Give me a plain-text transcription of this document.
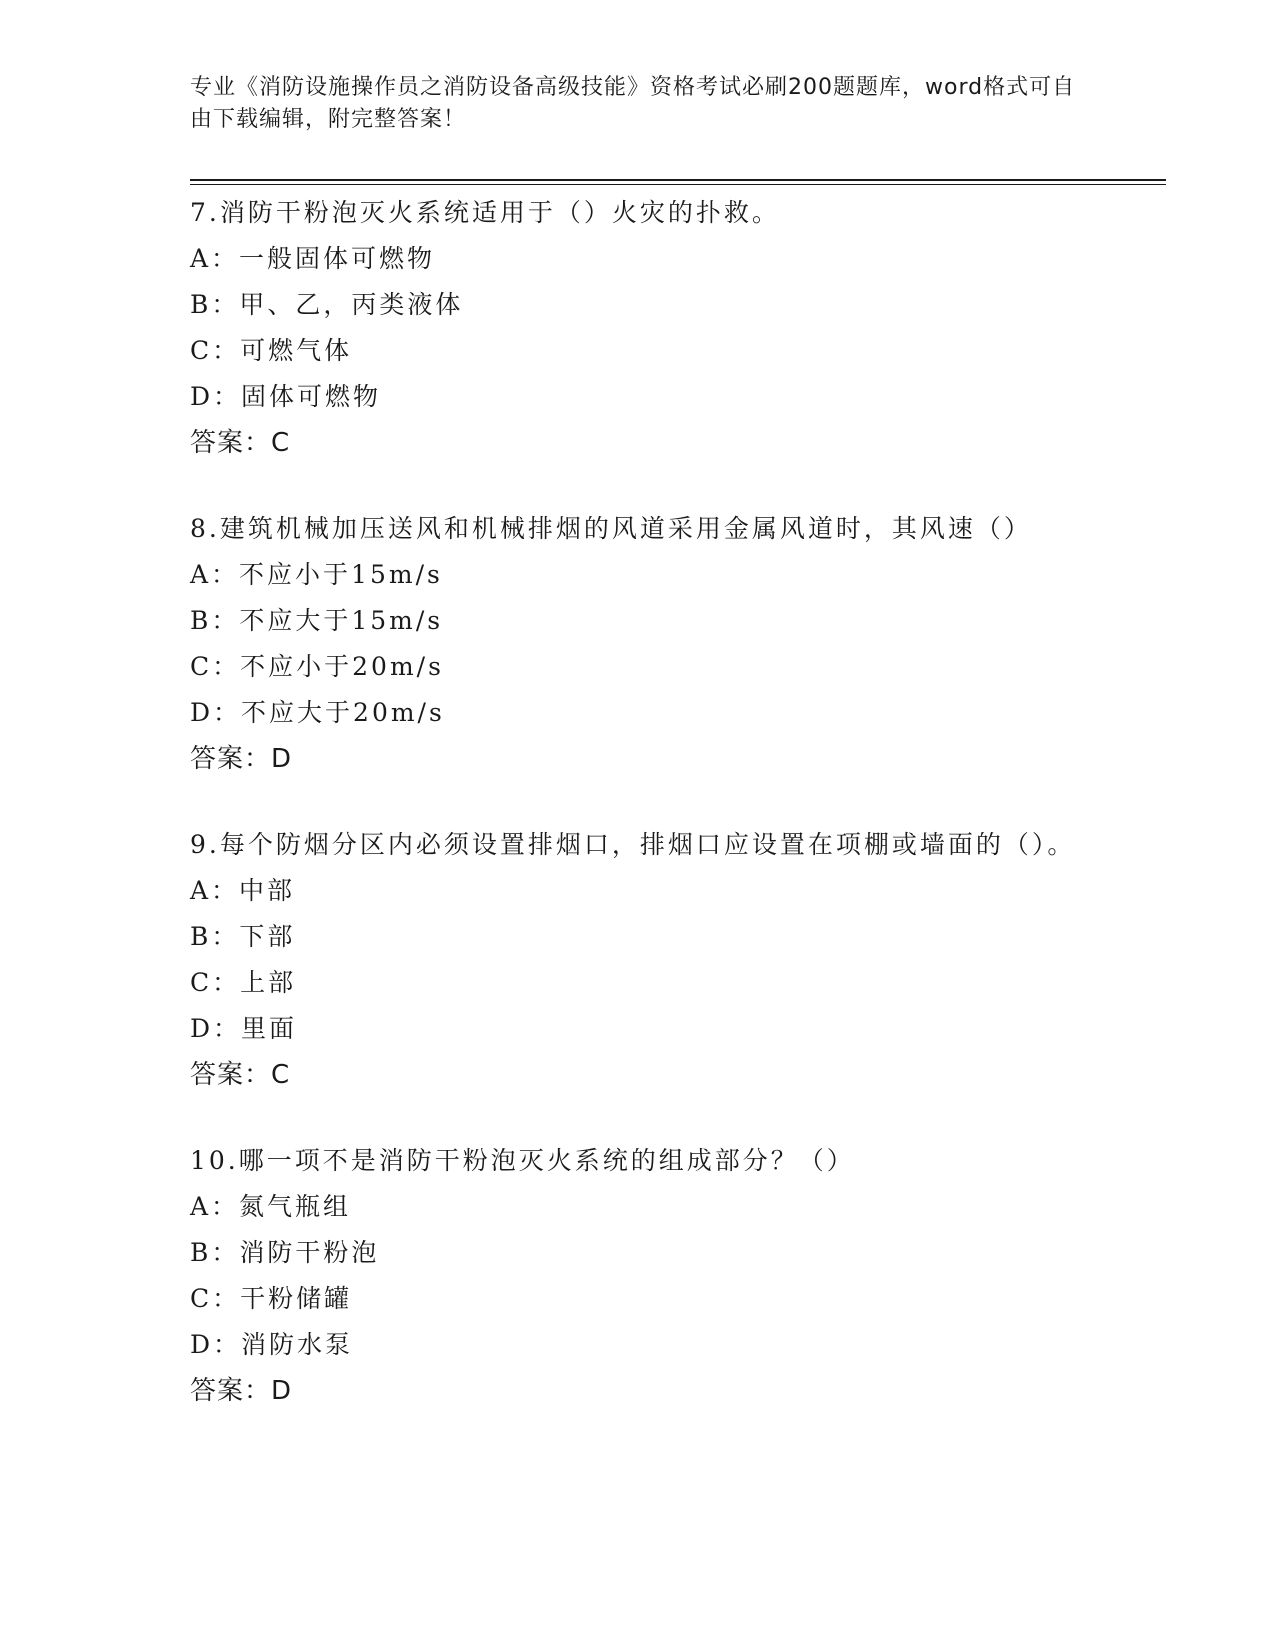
专业《消防设施操作员之消防设备高级技能》资格考试必刷200题题库，word格式可自由下载编辑，附完整答案！
7.消防干粉泡灭火系统适用于（）火灾的扑救。
A：一般固体可燃物
B：甲、乙，丙类液体
C：可燃气体
D：固体可燃物
答案：C
8.建筑机械加压送风和机械排烟的风道采用金属风道时，其风速（）
A：不应小于15m/s
B：不应大于15m/s
C：不应小于20m/s
D：不应大于20m/s
答案：D
9.每个防烟分区内必须设置排烟口，排烟口应设置在项棚或墙面的（）。
A：中部
B：下部
C：上部
D：里面
答案：C
10.哪一项不是消防干粉泡灭火系统的组成部分？（）
A：氮气瓶组
B：消防干粉泡
C：干粉储罐
D：消防水泵
答案：D
